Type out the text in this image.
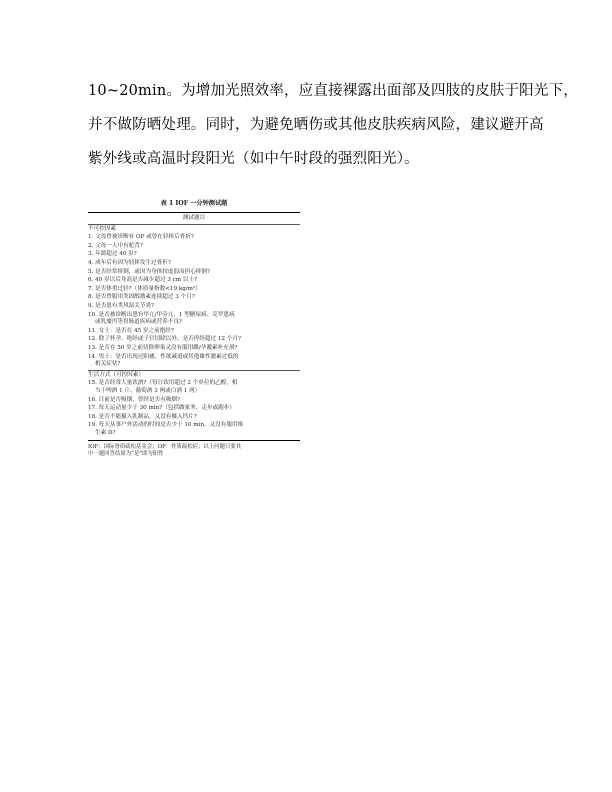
10~20min。为增加光照效率，应直接裸露出面部及四肢的皮肤于阳光下，
并不做防晒处理。同时，为避免晒伤或其他皮肤疾病风险，建议避开高
紫外线或高温时段阳光（如中午时段的强烈阳光）。
表 1 IOF 一分钟测试题
测试题目
不可控因素
1. 父母曾被诊断有 OP 或曾在轻摔后骨折?
2. 父母一人中有驼背?
3. 年龄超过 40 岁?
4. 成年后有因为轻摔发生过骨折?
5. 是否经常摔倒，或因为身体较虚弱而担心摔倒?
6. 40 岁以后身高是否减少超过 3 cm 以上?
7. 是否体重过轻?（体质量指数<19 kg/m²）
8. 是否曾服用类固醇激素连续超过 3 个月?
9. 是否患有类风湿关节炎?
10. 是否被诊断出患有甲亢/甲旁亢、1 型糖尿病、克罗恩病
或乳糜泻等胃肠道疾病或营养不良?
11. 女士：是否在 45 岁之前绝经?
12. 除了怀孕、绝经或子宫切除以外，是否停经超过 12 个月?
13. 是否在 50 岁之前切除卵巢又没有服用雌/孕激素补充剂?
14. 男士：是否出现过阳痿、性欲减退或其他雄性激素过低的
相关症状?
生活方式（可控因素）
15. 是否经常大量饮酒?（每日饮用超过 2 个单位的乙醇，相
当于啤酒 1 斤、葡萄酒 3 两或白酒 1 两）
16. 目前是否吸烟，曾经是否有吸烟?
17. 每天运动量少于 30 min?（包括做家务、走步或跑步）
18. 是否不能摄入乳制品，又没有摄入钙片?
19. 每天从事户外活动的时间是否少于 10 min，又没有服用维
生素 D?
IOF：国际骨质疏松基金会；OP：骨质疏松症；以上问题只要其
中一题回答结果为“是”即为阳性
